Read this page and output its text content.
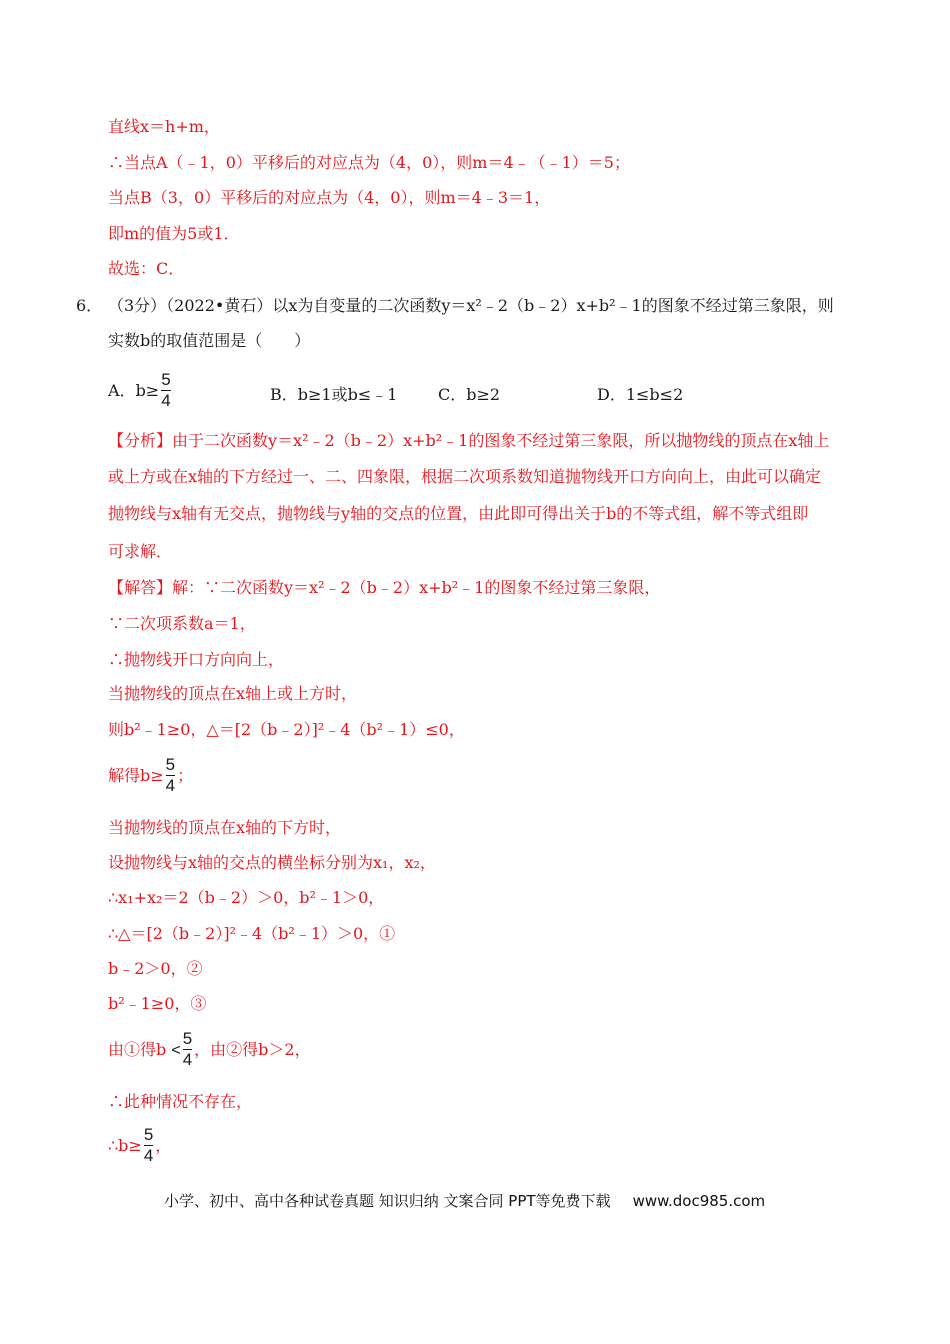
直线x＝h+m，
∴当点A（﹣1，0）平移后的对应点为（4，0），则m＝4﹣（﹣1）＝5；
当点B（3，0）平移后的对应点为（4，0），则m＝4﹣3＝1，
即m的值为5或1．
故选：C．
6． （3分）（2022•黄石）以x为自变量的二次函数y＝x²﹣2（b﹣2）x+b²﹣1的图象不经过第三象限，则
实数b的取值范围是（　　）
A．$b\ge \frac{5}{4}$	B．b≥1或b≤﹣1	C．b≥2	D．1≤b≤2
【分析】由于二次函数y＝x²﹣2（b﹣2）x+b²﹣1的图象不经过第三象限，所以抛物线的顶点在x轴上
或上方或在x轴的下方经过一、二、四象限，根据二次项系数知道抛物线开口方向向上，由此可以确定
抛物线与x轴有无交点，抛物线与y轴的交点的位置，由此即可得出关于b的不等式组，解不等式组即
可求解．
【解答】解：∵二次函数y＝x²﹣2（b﹣2）x+b²﹣1的图象不经过第三象限，
∵二次项系数a＝1，
∴抛物线开口方向向上，
当抛物线的顶点在x轴上或上方时，
则b²﹣1≥0，△＝[2（b﹣2）]²﹣4（b²﹣1）≤0，
解得$b\ge \frac{5}{4}$ ；
当抛物线的顶点在x轴的下方时，
设抛物线与x轴的交点的横坐标分别为x₁，x₂，
∴x₁+x₂＝2（b﹣2）＞0，b²﹣1＞0，
∴△＝[2（b﹣2）]²﹣4（b²﹣1）＞0，①
b﹣2＞0，②
b²﹣1≥0，③
由①得$b < \frac{5}{4}$ ，由②得b＞2，
∴此种情况不存在，
∴b≥ $\frac{5}{4}$ ，
小学、初中、高中各种试卷真题 知识归纳 文案合同 PPT等免费下载 www.doc985.com
